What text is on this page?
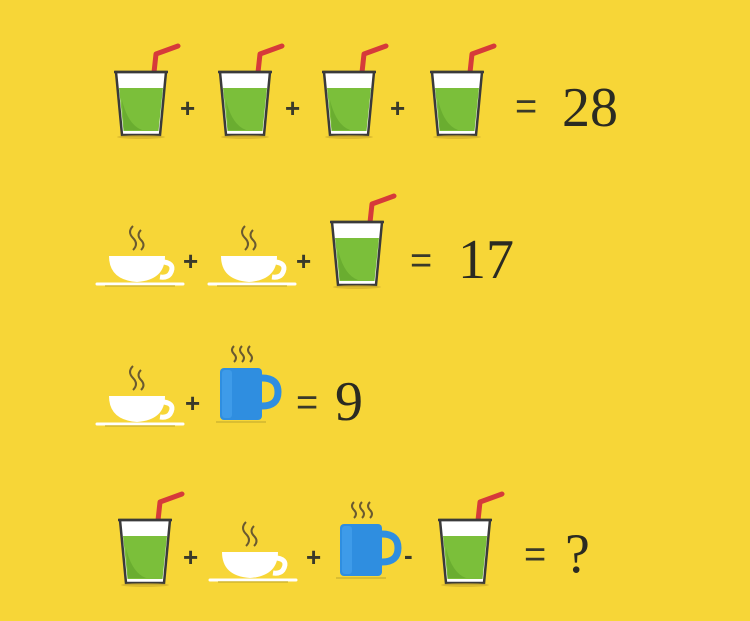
+	+	+	= 28
+	+	= 17
+	= 9
+	+	-	= ?
